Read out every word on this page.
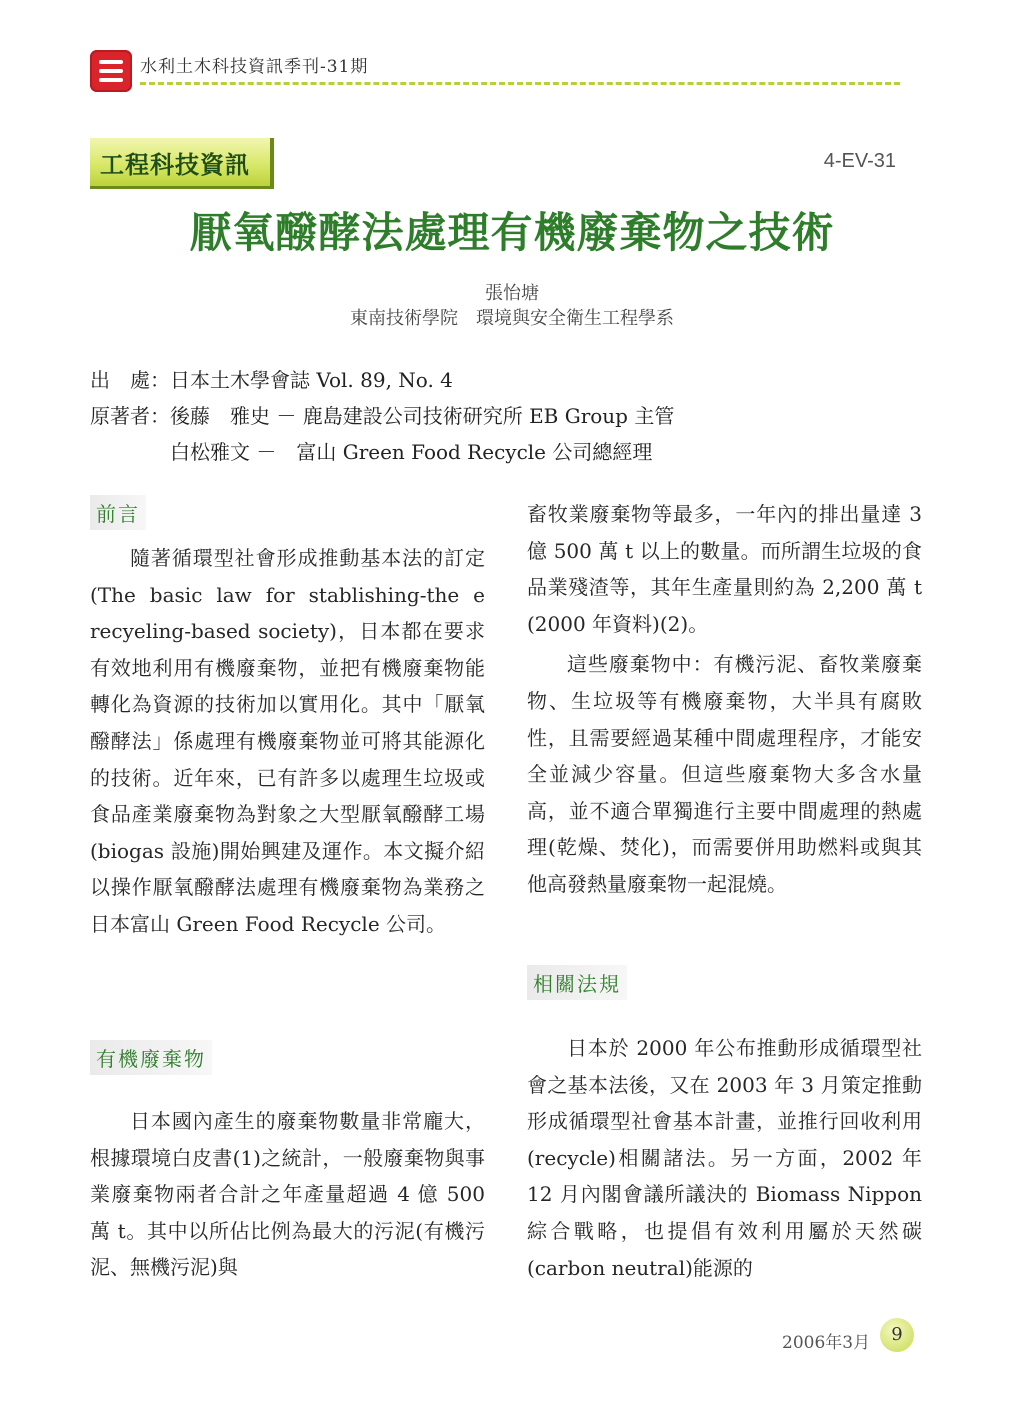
水利土木科技資訊季刊-31期
工程科技資訊	4-EV-31
厭氧醱酵法處理有機廢棄物之技術
張怡塘
東南技術學院　環境與安全衛生工程學系
出　處：日本土木學會誌 Vol. 89, No. 4
原著者：後藤　雅史 － 鹿島建設公司技術研究所 EB Group 主管
　　　　白松雅文 －　富山 Green Food Recycle 公司總經理
前言

隨著循環型社會形成推動基本法的訂定(The basic law for stablishing-the e recyeling-based society)，日本都在要求有效地利用有機廢棄物，並把有機廢棄物能轉化為資源的技術加以實用化。其中「厭氧醱酵法」係處理有機廢棄物並可將其能源化的技術。近年來，已有許多以處理生垃圾或食品產業廢棄物為對象之大型厭氧醱酵工場(biogas 設施)開始興建及運作。本文擬介紹以操作厭氧醱酵法處理有機廢棄物為業務之日本富山 Green Food Recycle 公司。

有機廢棄物

日本國內產生的廢棄物數量非常龐大，根據環境白皮書(1)之統計，一般廢棄物與事業廢棄物兩者合計之年產量超過 4 億 500 萬 t。其中以所佔比例為最大的污泥(有機污泥、無機污泥)與

畜牧業廢棄物等最多，一年內的排出量達 3 億 500 萬 t 以上的數量。而所謂生垃圾的食品業殘渣等，其年生產量則約為 2,200 萬 t (2000 年資料)(2)。

這些廢棄物中：有機污泥、畜牧業廢棄物、生垃圾等有機廢棄物，大半具有腐敗性，且需要經過某種中間處理程序，才能安全並減少容量。但這些廢棄物大多含水量高，並不適合單獨進行主要中間處理的熱處理(乾燥、焚化)，而需要併用助燃料或與其他高發熱量廢棄物一起混燒。

相關法規

日本於 2000 年公布推動形成循環型社會之基本法後，又在 2003 年 3 月策定推動形成循環型社會基本計畫，並推行回收利用(recycle)相關諸法。另一方面，2002 年 12 月內閣會議所議決的 Biomass Nippon 綜合戰略，也提倡有效利用屬於天然碳(carbon neutral)能源的

2006年3月	9
